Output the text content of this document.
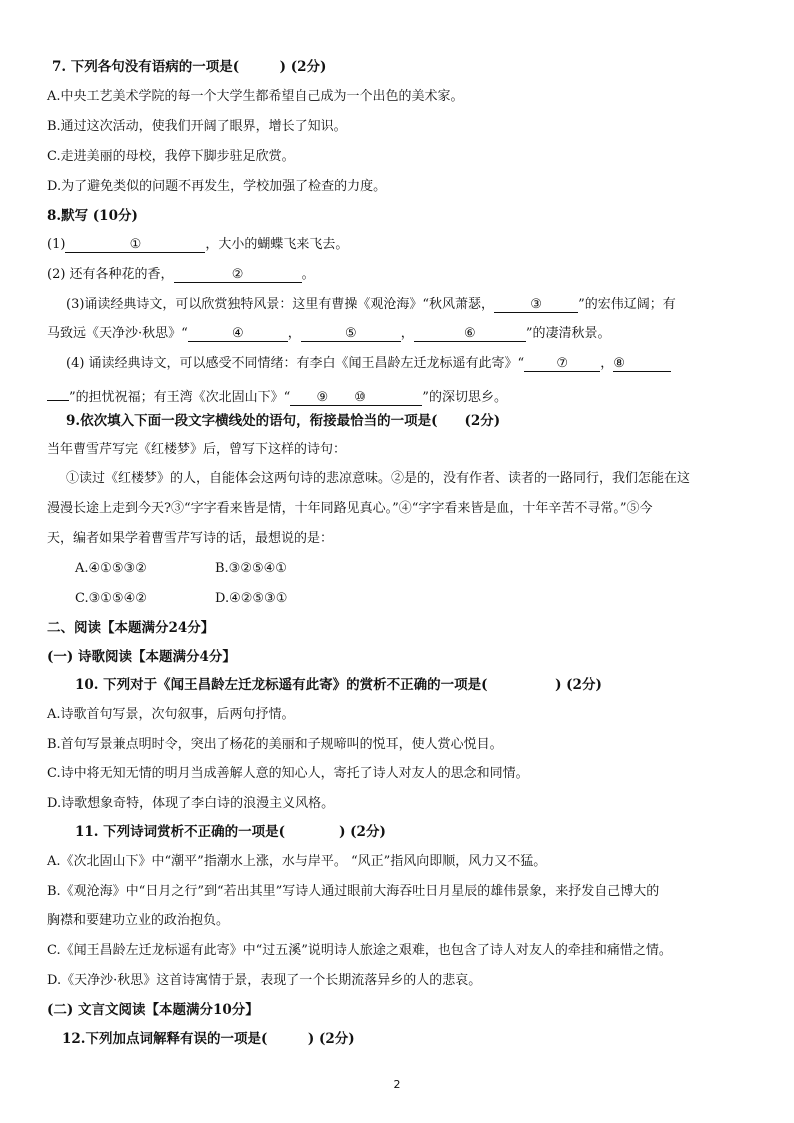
7. 下列各句没有语病的一项是(　　　) (2分)
A.中央工艺美术学院的每一个大学生都希望自己成为一个出色的美术家。
B.通过这次活动，使我们开阔了眼界，增长了知识。
C.走进美丽的母校，我停下脚步驻足欣赏。
D.为了避免类似的问题不再发生，学校加强了检查的力度。
8.默写 (10分)
(1)	①	，大小的蝴蝶飞来飞去。
(2) 还有各种花的香，	②	。
(3)诵读经典诗文，可以欣赏独特风景：这里有曹操《观沧海》“秋风萧瑟，	③	”的宏伟辽阔；有
马致远《天净沙·秋思》“	④	，	⑤	，	⑥	”的凄清秋景。
(4) 诵读经典诗文，可以感受不同情绪：有李白《闻王昌龄左迁龙标遥有此寄》“ ⑦ ，⑧
”的担忧祝福；有王湾《次北固山下》“ ⑨ ⑩	”的深切思乡。
9.依次填入下面一段文字横线处的语句，衔接最恰当的一项是(　　(2分)
当年曹雪芹写完《红楼梦》后，曾写下这样的诗句：
①读过《红楼梦》的人，自能体会这两句诗的悲凉意味。②是的，没有作者、读者的一路同行，我们怎能在这
漫漫长途上走到今天?③“字字看来皆是情，十年同路见真心。”④“字字看来皆是血，十年辛苦不寻常。”⑤今
天，编者如果学着曹雪芹写诗的话，最想说的是：
A.④①⑤③②	B.③②⑤④①
C.③①⑤④②	D.④②⑤③①
二、阅读【本题满分24分】
(一) 诗歌阅读【本题满分4分】
10. 下列对于《闻王昌龄左迁龙标遥有此寄》的赏析不正确的一项是(　　　　　) (2分)
A.诗歌首句写景，次句叙事，后两句抒情。
B.首句写景兼点明时令，突出了杨花的美丽和子规啼叫的悦耳，使人赏心悦目。
C.诗中将无知无情的明月当成善解人意的知心人，寄托了诗人对友人的思念和同情。
D.诗歌想象奇特，体现了李白诗的浪漫主义风格。
11. 下列诗词赏析不正确的一项是(　　　　) (2分)
A.《次北固山下》中“潮平”指潮水上涨，水与岸平。 “风正”指风向即顺，风力又不猛。
B.《观沧海》中“日月之行”到“若出其里”写诗人通过眼前大海吞吐日月星辰的雄伟景象，来抒发自己博大的
胸襟和要建功立业的政治抱负。
C.《闻王昌龄左迁龙标遥有此寄》中“过五溪”说明诗人旅途之艰难，也包含了诗人对友人的牵挂和痛惜之情。
D.《天净沙·秋思》这首诗寓情于景，表现了一个长期流落异乡的人的悲哀。
(二) 文言文阅读【本题满分10分】
12.下列加点词解释有误的一项是(　　　) (2分)
2
